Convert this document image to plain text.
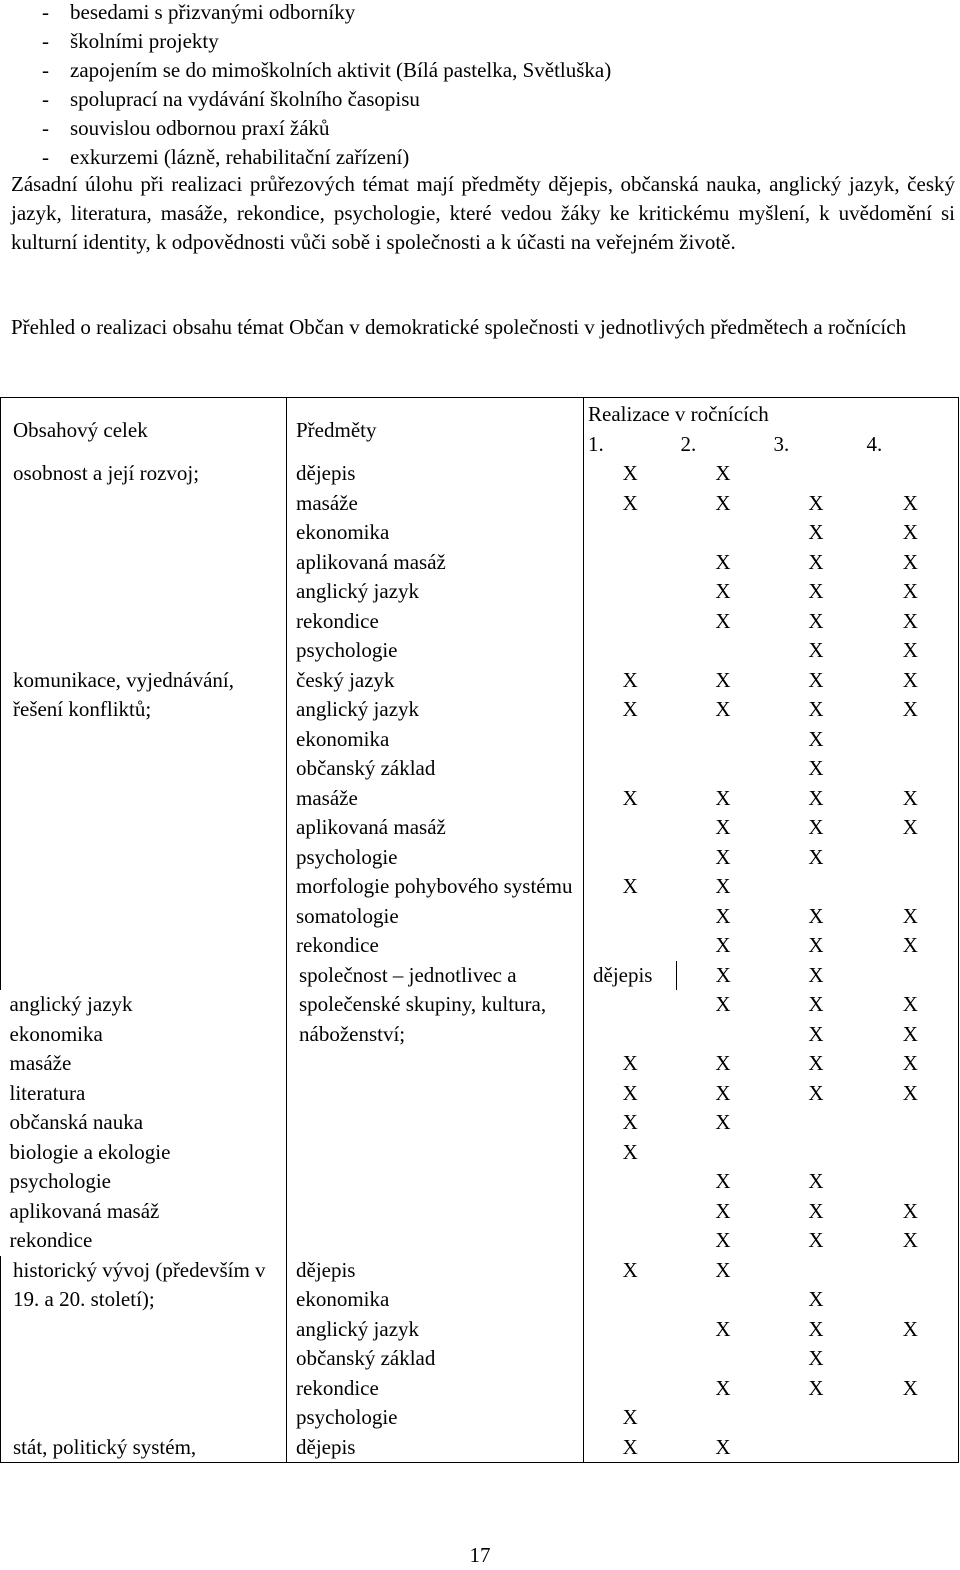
- besedami s přizvanými odborníky
- školními projekty
- zapojením se do mimoškolních aktivit (Bílá pastelka, Světluška)
- spoluprací na vydávání školního časopisu
- souvislou odbornou praxí žáků
- exkurzemi (lázně, rehabilitační zařízení)

Zásadní úlohu při realizaci průřezových témat mají předměty dějepis, občanská nauka, anglický jazyk, český jazyk, literatura, masáže, rekondice, psychologie, které vedou žáky ke kritickému myšlení, k uvědomění si kulturní identity, k odpovědnosti vůči sobě i společnosti a k účasti na veřejném životě.

Přehled o realizaci obsahu témat Občan v demokratické společnosti v jednotlivých předmětech a ročnících

Obsahový celek	Předměty	Realizace v ročnících				
		1.	2.	3.	4.	
osobnost a její rozvoj;	dějepis	X	X			
	masáže	X	X	X	X	
	ekonomika			X	X	
	aplikovaná masáž		X	X	X	
	anglický jazyk		X	X	X	
	rekondice		X	X	X	
	psychologie			X	X	
komunikace, vyjednávání, řešení konfliktů;	český jazyk	X	X	X	X	
	anglický jazyk	X	X	X	X	
	ekonomika			X		
	občanský základ			X		
	masáže	X	X	X	X	
	aplikovaná masáž		X	X	X	
	psychologie		X	X		
	morfologie pohybového systému	X	X			
	somatologie		X	X	X	
	rekondice		X	X	X	
	společnost – jednotlivec a společenské skupiny, kultura, náboženství;	dějepis	X	X		
anglický jazyk			X	X	X	
ekonomika				X	X	
masáže		X	X	X	X	
literatura		X	X	X	X	
občanská nauka		X	X			
biologie a ekologie		X				
psychologie			X	X		
aplikovaná masáž			X	X	X	
rekondice			X	X	X	
historický vývoj (především v 19. a 20. století);	dějepis	X	X			
	ekonomika			X		
	anglický jazyk		X	X	X	
	občanský základ			X		
	rekondice		X	X	X	
	psychologie	X				
stát, politický systém,	dějepis	X	X			
17
